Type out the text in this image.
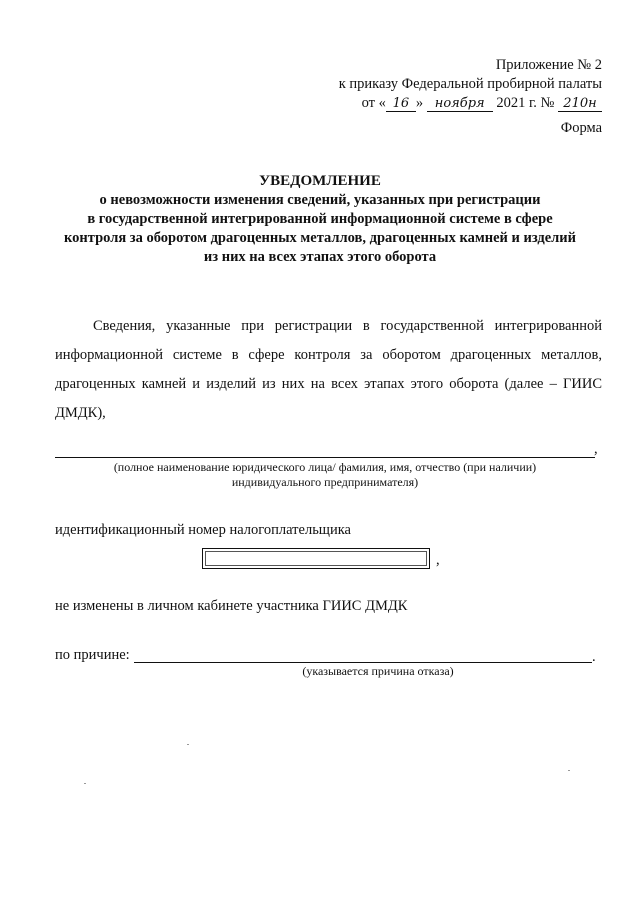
Приложение № 2
к приказу Федеральной пробирной палаты
от « 16 » ноября 2021 г. № 210н
Форма
УВЕДОМЛЕНИЕ
о невозможности изменения сведений, указанных при регистрации
в государственной интегрированной информационной системе в сфере
контроля за оборотом драгоценных металлов, драгоценных камней и изделий
из них на всех этапах этого оборота
Сведения, указанные при регистрации в государственной интегрированной информационной системе в сфере контроля за оборотом драгоценных металлов, драгоценных камней и изделий из них на всех этапах этого оборота (далее – ГИИС ДМДК),
,
(полное наименование юридического лица/ фамилия, имя, отчество (при наличии)
индивидуального предпринимателя)
идентификационный номер налогоплательщика
,
не изменены в личном кабинете участника ГИИС ДМДК
по причине:	.
(указывается причина отказа)
